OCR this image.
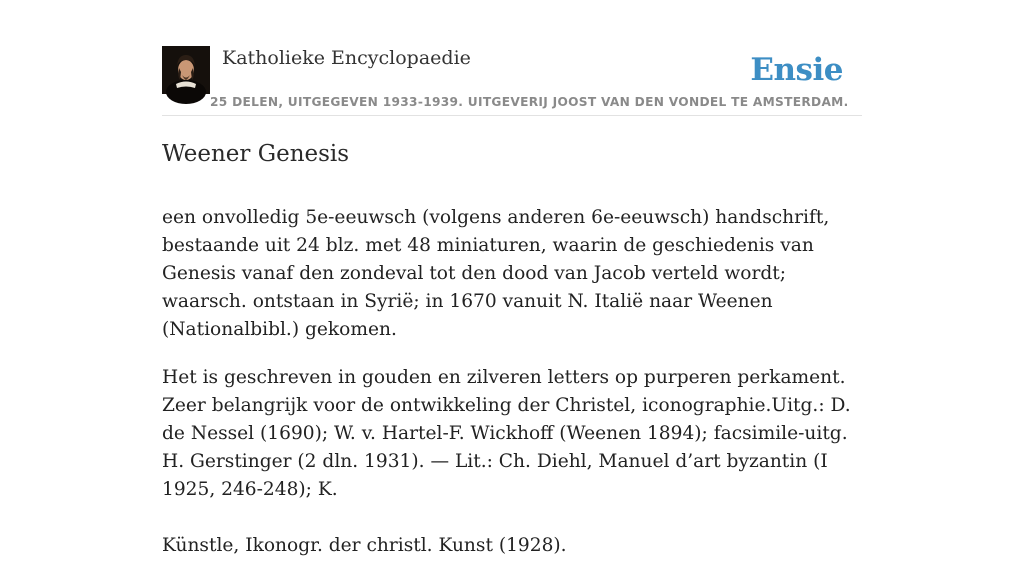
Katholieke Encyclopaedie	Ensie
25 DELEN, UITGEGEVEN 1933-1939. UITGEVERIJ JOOST VAN DEN VONDEL TE AMSTERDAM.
Weener Genesis

een onvolledig 5e-eeuwsch (volgens anderen 6e-eeuwsch) handschrift, bestaande uit 24 blz. met 48 miniaturen, waarin de geschiedenis van Genesis vanaf den zondeval tot den dood van Jacob verteld wordt; waarsch. ontstaan in Syrië; in 1670 vanuit N. Italië naar Weenen (Nationalbibl.) gekomen.

Het is geschreven in gouden en zilveren letters op purperen perkament. Zeer belangrijk voor de ontwikkeling der Christel, iconographie.Uitg.: D. de Nessel (1690); W. v. Hartel-F. Wickhoff (Weenen 1894); facsimile-uitg. H. Gerstinger (2 dln. 1931). — Lit.: Ch. Diehl, Manuel d’art byzantin (I 1925, 246-248); K.

Künstle, Ikonogr. der christl. Kunst (1928).
